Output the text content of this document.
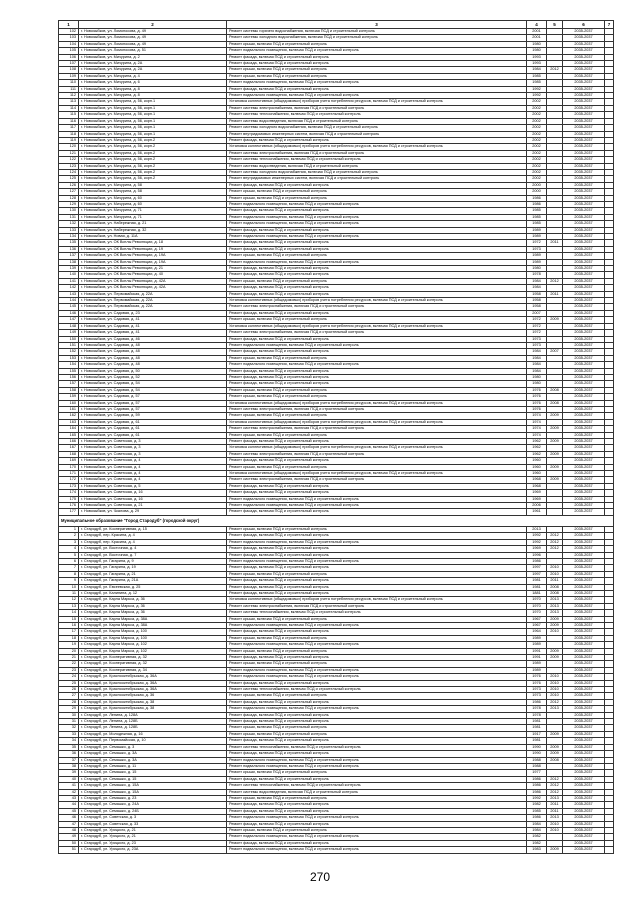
1	2	3	4	5	6	7
102	г. Новозыбков, ул. Ломоносова, д. 49	Ремонт системы горячего водоснабжения, включая ПСД и строительный контроль	2001		2035-2037	
103	г. Новозыбков, ул. Ломоносова, д. 49	Ремонт системы холодного водоснабжения, включая ПСД и строительный контроль	2001		2035-2037	
104	г. Новозыбков, ул. Ломоносова, д. 49	Ремонт крыши, включая ПСД и строительный контроль	1980		2035-2037	
105	г. Новозыбков, ул. Ломоносова, д. 51	Ремонт подвального помещения, включая ПСД и строительный контроль	1980		2035-2037	
106	г. Новозыбков, ул. Мичурина, д. 2	Ремонт фасада, включая ПСД и строительный контроль	1993		2035-2037	
107	г. Новозыбков, ул. Мичурина, д. 2А	Ремонт фасада, включая ПСД и строительный контроль	1993		2035-2037	
108	г. Новозыбков, ул. Мичурина, д. 2А	Ремонт крыши, включая ПСД и строительный контроль	1984	2012	2035-2037	
109	г. Новозыбков, ул. Мичурина, д. 4	Ремонт крыши, включая ПСД и строительный контроль	1985		2035-2037	
110	г. Новозыбков, ул. Мичурина, д. 6	Ремонт подвального помещения, включая ПСД и строительный контроль	1985		2035-2037	
111	г. Новозыбков, ул. Мичурина, д. 8	Ремонт фасада, включая ПСД и строительный контроль	1992		2035-2037	
112	г. Новозыбков, ул. Мичурина, д. 8	Ремонт подвального помещения, включая ПСД и строительный контроль	1992		2035-2037	
113	г. Новозыбков, ул. Мичурина, д. 56, корп.1	Установка коллективных (общедомовых) приборов учета потребления ресурсов, включая ПСД и строительный контроль	2002		2035-2037	
114	г. Новозыбков, ул. Мичурина, д. 56, корп.1	Ремонт системы электроснабжения, включая ПСД и строительный контроль	2002		2035-2037	
115	г. Новозыбков, ул. Мичурина, д. 56, корп.1	Ремонт системы теплоснабжения, включая ПСД и строительный контроль	2002		2035-2037	
116	г. Новозыбков, ул. Мичурина, д. 56, корп.1	Ремонт системы водоотведения, включая ПСД и строительный контроль	2002		2035-2037	
117	г. Новозыбков, ул. Мичурина, д. 56, корп.1	Ремонт системы холодного водоснабжения, включая ПСД и строительный контроль	2002		2035-2037	
118	г. Новозыбков, ул. Мичурина, д. 56, корп.1	Ремонт внутридомовых инженерных систем, включая ПСД и строительный контроль	2002		2035-2037	
119	г. Новозыбков, ул. Мичурина, д. 56, корп.2	Ремонт фасада, включая ПСД и строительный контроль	2002		2035-2037	
120	г. Новозыбков, ул. Мичурина, д. 56, корп.2	Установка коллективных (общедомовых) приборов учета потребления ресурсов, включая ПСД и строительный контроль	2002		2035-2037	
121	г. Новозыбков, ул. Мичурина, д. 56, корп.2	Ремонт системы электроснабжения, включая ПСД и строительный контроль	2002		2035-2037	
122	г. Новозыбков, ул. Мичурина, д. 56, корп.2	Ремонт системы теплоснабжения, включая ПСД и строительный контроль	2002		2035-2037	
123	г. Новозыбков, ул. Мичурина, д. 56, корп.2	Ремонт системы водоотведения, включая ПСД и строительный контроль	2002		2035-2037	
124	г. Новозыбков, ул. Мичурина, д. 56, корп.2	Ремонт системы холодного водоснабжения, включая ПСД и строительный контроль	2002		2035-2037	
125	г. Новозыбков, ул. Мичурина, д. 56, корп.2	Ремонт внутридомовых инженерных систем, включая ПСД и строительный контроль	2002		2035-2037	
126	г. Новозыбков, ул. Мичурина, д. 58	Ремонт фасада, включая ПСД и строительный контроль	2000		2035-2037	
127	г. Новозыбков, ул. Мичурина, д. 58	Ремонт крыши, включая ПСД и строительный контроль	2000		2035-2037	
128	г. Новозыбков, ул. Мичурина, д. 60	Ремонт крыши, включая ПСД и строительный контроль	1986		2035-2037	
129	г. Новозыбков, ул. Мичурина, д. 60	Ремонт подвального помещения, включая ПСД и строительный контроль	1986		2035-2037	
130	г. Новозыбков, ул. Мичурина, д. 71	Ремонт фасада, включая ПСД и строительный контроль	1985		2035-2037	
131	г. Новозыбков, ул. Мичурина, д. 71	Ремонт подвального помещения, включая ПСД и строительный контроль	1985		2035-2037	
132	г. Новозыбков, ул. Набережная, д. 21	Ремонт подвального помещения, включая ПСД и строительный контроль	1985		2035-2037	
133	г. Новозыбков, ул. Набережная, д. 32	Ремонт фасада, включая ПСД и строительный контроль	1989		2035-2037	
134	г. Новозыбков, ул. Новая, д. 11А	Ремонт подвального помещения, включая ПСД и строительный контроль	1989		2035-2037	
135	г. Новозыбков, ул. ОК Всплы Революции, д. 18	Ремонт фасада, включая ПСД и строительный контроль	1972	2011	2035-2037	
136	г. Новозыбков, ул. ОК Всплы Революции, д. 19	Ремонт фасада, включая ПСД и строительный контроль	1973		2035-2037	
137	г. Новозыбков, ул. ОК Всплы Революции, д. 19А	Ремонт крыши, включая ПСД и строительный контроль	1989		2035-2037	
138	г. Новозыбков, ул. ОК Всплы Революции, д. 19А	Ремонт подвального помещения, включая ПСД и строительный контроль	1989		2035-2037	
139	г. Новозыбков, ул. ОК Всплы Революции, д. 21	Ремонт фасада, включая ПСД и строительный контроль	1980		2035-2037	
140	г. Новозыбков, ул. ОК Всплы Революции, д. 40	Ремонт фасада, включая ПСД и строительный контроль	1978		2035-2037	
141	г. Новозыбков, ул. ОК Всплы Революции, д. 42А	Ремонт крыши, включая ПСД и строительный контроль	1984	2012	2035-2037	
142	г. Новозыбков, ул. ОК Всплы Революции, д. 42А	Ремонт фасада, включая ПСД и строительный контроль	1984		2035-2037	
143	г. Новозыбков, ул. Первомайская, д. 22А	Ремонт фасада, включая ПСД и строительный контроль	1958	2011	2035-2037	
144	г. Новозыбков, ул. Первомайская, д. 22А	Установка коллективных (общедомовых) приборов учета потребления ресурсов, включая ПСД и строительный контроль	1958		2035-2037	
145	г. Новозыбков, ул. Первомайская, д. 22А	Ремонт системы электроснабжения, включая ПСД и строительный контроль	1958		2035-2037	
146	г. Новозыбков, ул. Садовая, д. 23	Ремонт фасада, включая ПСД и строительный контроль	2007		2035-2037	
147	г. Новозыбков, ул. Садовая, д. 41	Ремонт крыши, включая ПСД и строительный контроль	1972	2009	2035-2037	
148	г. Новозыбков, ул. Садовая, д. 41	Установка коллективных (общедомовых) приборов учета потребления ресурсов, включая ПСД и строительный контроль	1972		2035-2037	
149	г. Новозыбков, ул. Садовая, д. 41	Ремонт системы электроснабжения, включая ПСД и строительный контроль	1972		2035-2037	
150	г. Новозыбков, ул. Садовая, д. 46	Ремонт фасада, включая ПСД и строительный контроль	1973		2035-2037	
151	г. Новозыбков, ул. Садовая, д. 48	Ремонт подвального помещения, включая ПСД и строительный контроль	1973		2035-2037	
152	г. Новозыбков, ул. Садовая, д. 48	Ремонт фасада, включая ПСД и строительный контроль	1984	2007	2035-2037	
153	г. Новозыбков, ул. Садовая, д. 48	Ремонт крыши, включая ПСД и строительный контроль	1984		2035-2037	
154	г. Новозыбков, ул. Садовая, д. 48	Ремонт подвального помещения, включая ПСД и строительный контроль	1984		2035-2037	
155	г. Новозыбков, ул. Садовая, д. 50	Ремонт фасада, включая ПСД и строительный контроль	1984		2035-2037	
156	г. Новозыбков, ул. Садовая, д. 52	Ремонт фасада, включая ПСД и строительный контроль	1980		2035-2037	
157	г. Новозыбков, ул. Садовая, д. 54	Ремонт фасада, включая ПСД и строительный контроль	1980		2035-2037	
158	г. Новозыбков, ул. Садовая, д. 54	Ремонт крыши, включая ПСД и строительный контроль	1976	2008	2035-2037	
159	г. Новозыбков, ул. Садовая, д. 57	Ремонт крыши, включая ПСД и строительный контроль	1976		2035-2037	
160	г. Новозыбков, ул. Садовая, д. 57	Установка коллективных (общедомовых) приборов учета потребления ресурсов, включая ПСД и строительный контроль	1976	2008	2035-2037	
161	г. Новозыбков, ул. Садовая, д. 57	Ремонт системы электроснабжения, включая ПСД и строительный контроль	1976		2035-2037	
162	г. Новозыбков, ул. Садовая, д. 59	Ремонт крыши, включая ПСД и строительный контроль	1974	2009	2035-2037	
163	г. Новозыбков, ул. Садовая, д. 61	Установка коллективных (общедомовых) приборов учета потребления ресурсов, включая ПСД и строительный контроль	1974		2035-2037	
164	г. Новозыбков, ул. Садовая, д. 61	Ремонт системы электроснабжения, включая ПСД и строительный контроль	1974	2009	2035-2037	
165	г. Новозыбков, ул. Садовая, д. 61	Ремонт крыши, включая ПСД и строительный контроль	1974		2035-2037	
166	г. Новозыбков, ул. Советская, д. 3	Ремонт фасада, включая ПСД и строительный контроль	1962	2009	2035-2037	
167	г. Новозыбков, ул. Советская, д. 3	Установка коллективных (общедомовых) приборов учета потребления ресурсов, включая ПСД и строительный контроль	1962		2035-2037	
168	г. Новозыбков, ул. Советская, д. 3	Ремонт системы электроснабжения, включая ПСД и строительный контроль	1962	2009	2035-2037	
169	г. Новозыбков, ул. Советская, д. 4	Ремонт фасада, включая ПСД и строительный контроль	1960		2035-2037	
170	г. Новозыбков, ул. Советская, д. 4	Ремонт крыши, включая ПСД и строительный контроль	1960	2009	2035-2037	
171	г. Новозыбков, ул. Советская, д. 4	Установка коллективных (общедомовых) приборов учета потребления ресурсов, включая ПСД и строительный контроль	1960		2035-2037	
172	г. Новозыбков, ул. Советская, д. 4	Ремонт системы электроснабжения, включая ПСД и строительный контроль	1968	2009	2035-2037	
173	г. Новозыбков, ул. Советская, д. 5	Ремонт фасада, включая ПСД и строительный контроль	1968		2035-2037	
174	г. Новозыбков, ул. Советская, д. 16	Ремонт фасада, включая ПСД и строительный контроль	1969		2035-2037	
175	г. Новозыбков, ул. Советская, д. 16	Ремонт подвального помещения, включая ПСД и строительный контроль	1969		2035-2037	
176	г. Новозыбков, ул. Советская, д. 21	Ремонт подвального помещения, включая ПСД и строительный контроль	2006		2035-2037	
177	г. Новозыбков, ул. Чкалова, д. 29	Ремонт фасада, включая ПСД и строительный контроль	1961		2035-2037	
Муниципальное образование "Город Стародуб" (городской округ)						
1	г. Стародуб, ул. Кооперативная, д. 15	Ремонт крыши, включая ПСД и строительный контроль	2013		2035-2037	
2	г. Стародуб, пер. Красина, д. 4	Ремонт фасада, включая ПСД и строительный контроль	1992	2012	2035-2037	
3	г. Стародуб, пер. Красина, д. 4	Ремонт подвального помещения, включая ПСД и строительный контроль	1992	2012	2035-2037	
4	г. Стародуб, ул. Восточная, д. 4	Ремонт фасада, включая ПСД и строительный контроль	1969	2012	2035-2037	
5	г. Стародуб, ул. Восточная, д. 7	Ремонт фасада, включая ПСД и строительный контроль	1996		2035-2037	
6	г. Стародуб, ул. Гагарина, д. 9	Ремонт подвального помещения, включая ПСД и строительный контроль	1986		2035-2037	
7	г. Стародуб, ул. Гагарина, д. 19	Ремонт фасада, включая ПСД и строительный контроль	1997	2010	2035-2037	
8	г. Стародуб, ул. Гагарина, д. 21	Ремонт крыши, включая ПСД и строительный контроль	1997	2010	2035-2037	
9	г. Стародуб, ул. Гагарина, д. 21А	Ремонт фасада, включая ПСД и строительный контроль	1981	2011	2035-2037	
10	г. Стародуб, ул. Евсеевская, д. 25	Ремонт фасада, включая ПСД и строительный контроль	1981	2008	2035-2037	
11	г. Стародуб, ул. Калинина, д. 12	Ремонт фасада, включая ПСД и строительный контроль	1881	2008	2035-2037	
12	г. Стародуб, ул. Карла Маркса, д. 36	Установка коллективных (общедомовых) приборов учета потребления ресурсов, включая ПСД и строительный контроль	1970	2013	2035-2037	
13	г. Стародуб, ул. Карла Маркса, д. 36	Ремонт системы электроснабжения, включая ПСД и строительный контроль	1970	2013	2035-2037	
14	г. Стародуб, ул. Карла Маркса, д. 36	Ремонт системы теплоснабжения, включая ПСД и строительный контроль	1970	2013	2035-2037	
15	г. Стародуб, ул. Карла Маркса, д. 38А	Ремонт крыши, включая ПСД и строительный контроль	1967	2009	2035-2037	
16	г. Стародуб, ул. Карла Маркса, д. 38А	Ремонт подвального помещения, включая ПСД и строительный контроль	1967	2009	2035-2037	
17	г. Стародуб, ул. Карла Маркса, д. 100	Ремонт фасада, включая ПСД и строительный контроль	1964	2010	2035-2037	
18	г. Стародуб, ул. Карла Маркса, д. 100	Ремонт крыши, включая ПСД и строительный контроль	1989		2035-2037	
19	г. Стародуб, ул. Карла Маркса, д. 102	Ремонт подвального помещения, включая ПСД и строительный контроль	1989		2035-2037	
20	г. Стародуб, ул. Карла Маркса, д. 102	Ремонт крыши, включая ПСД и строительный контроль	1991	2009	2035-2037	
21	г. Стародуб, ул. Кооперативная, д. 32	Ремонт фасада, включая ПСД и строительный контроль	1991	2009	2035-2037	
22	г. Стародуб, ул. Кооперативная, д. 32	Ремонт крыши, включая ПСД и строительный контроль	1989		2035-2037	
23	г. Стародуб, ул. Кооперативная, д. 34	Ремонт подвального помещения, включая ПСД и строительный контроль	1989		2035-2037	
24	г. Стародуб, ул. Краснооктябрьская, д. 36А	Ремонт подвального помещения, включая ПСД и строительный контроль	1976	2010	2035-2037	
25	г. Стародуб, ул. Краснооктябрьская, д. 36А	Ремонт фасада, включая ПСД и строительный контроль	1976	2010	2035-2037	
26	г. Стародуб, ул. Краснооктябрьская, д. 36А	Ремонт системы теплоснабжения, включая ПСД и строительный контроль	1973	2010	2035-2037	
27	г. Стародуб, ул. Краснооктябрьская, д. 36	Ремонт крыши, включая ПСД и строительный контроль	1973	2010	2035-2037	
28	г. Стародуб, ул. Краснооктябрьская, д. 38	Ремонт фасада, включая ПСД и строительный контроль	1986	2012	2035-2037	
29	г. Стародуб, ул. Краснооктябрьская, д. 38	Ремонт подвального помещения, включая ПСД и строительный контроль	1978	2013	2035-2037	
30	г. Стародуб, ул. Ленина, д. 128А	Ремонт фасада, включая ПСД и строительный контроль	1978		2035-2037	
31	г. Стародуб, ул. Ленина, д. 128Б	Ремонт фасада, включая ПСД и строительный контроль	1981		2035-2037	
32	г. Стародуб, ул. Ленина, д. 128Б	Ремонт крыши, включая ПСД и строительный контроль	1981		2035-2037	
33	г. Стародуб, ул. Молодежная, д. 16	Ремонт крыши, включая ПСД и строительный контроль	1917	2009	2035-2037	
34	г. Стародуб, ул. Первомайская, д. 10	Ремонт фасада, включая ПСД и строительный контроль	1981		2035-2037	
35	г. Стародуб, ул. Семашко, д. 3	Ремонт системы теплоснабжения, включая ПСД и строительный контроль	1990	2009	2035-2037	
36	г. Стародуб, ул. Семашко, д. 3А	Ремонт фасада, включая ПСД и строительный контроль	1990	2009	2035-2037	
37	г. Стародуб, ул. Семашко, д. 3А	Ремонт подвального помещения, включая ПСД и строительный контроль	1988	2008	2035-2037	
38	г. Стародуб, ул. Семашко, д. 11	Ремонт подвального помещения, включая ПСД и строительный контроль	1988		2035-2037	
39	г. Стародуб, ул. Семашко, д. 15	Ремонт крыши, включая ПСД и строительный контроль	1977		2035-2037	
40	г. Стародуб, ул. Семашко, д. 15	Ремонт фасада, включая ПСД и строительный контроль	1986	2012	2035-2037	
41	г. Стародуб, ул. Семашко, д. 15А	Ремонт системы теплоснабжения, включая ПСД и строительный контроль	1986	2012	2035-2037	
42	г. Стародуб, ул. Семашко, д. 15А	Ремонт системы водоотведения, включая ПСД и строительный контроль	1986	2012	2035-2037	
43	г. Стародуб, ул. Семашко, д. 23	Ремонт крыши, включая ПСД и строительный контроль	1992	2013	2035-2037	
44	г. Стародуб, ул. Семашко, д. 24А	Ремонт фасада, включая ПСД и строительный контроль	1982	2011	2035-2037	
45	г. Стародуб, ул. Семашко, д. 24Б	Ремонт фасада, включая ПСД и строительный контроль	1985	2011	2035-2037	
46	г. Стародуб, ул. Советская, д. 3	Ремонт подвального помещения, включая ПСД и строительный контроль	1986	2013	2035-2037	
47	г. Стародуб, ул. Советская, д. 33	Ремонт фасада, включая ПСД и строительный контроль	1984	2010	2035-2037	
48	г. Стародуб, ул. Урицкого, д. 21	Ремонт крыши, включая ПСД и строительный контроль	1984	2010	2035-2037	
49	г. Стародуб, ул. Урицкого, д. 21	Ремонт подвального помещения, включая ПСД и строительный контроль	1982		2035-2037	
50	г. Стародуб, ул. Урицкого, д. 23	Ремонт фасада, включая ПСД и строительный контроль	1982		2035-2037	
51	г. Стародуб, ул. Урицкого, д. 23А	Ремонт подвального помещения, включая ПСД и строительный контроль	1983	2009	2035-2037	
270
